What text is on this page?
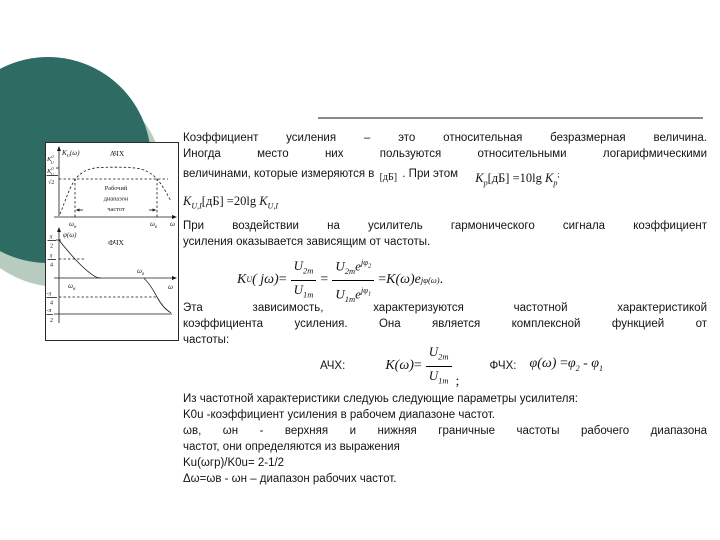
АЧХ
$K_U(\omega)$
$K^0$ U
$K^0$ U
√2
Рабочий
диапазон
частот
$\omega_н$	$\omega_в$ ω
φ(ω)
ФЧХ
π
2
π
4
-π
4
-π
2
$\omega_н$
$\omega_в$
ω
Коэффициент усиления – это относительная безразмерная величина.
Иногда место них пользуются относительными логарифмическими
величинами, которые измеряются в [дБ] . При этом $K_p[дБ] =10\lg$ $K_p^;$
$K_{U,I}[дБ] =20\lg$ $K_{U,I}$
При воздействии на усилитель гармонического сигнала коэффициент
усиления оказывается зависящим от частоты.
K U ( $j\omega) = \frac{U_{2m}}{U_{1m}} = \frac{U_{2m}e^{j\varphi_2}}{U_{1m}e^{j\varphi_1}} = K(\omega)e$ jφ(ω) .
Эта зависимость, характеризуются частотной характеристикой
коэффициента усиления. Она является комплексной функцией от
частоты:
АЧХ:	$K(\omega) = \frac{U_{2m}}{U_{1m}}$ ;
ФЧХ: $\varphi(\omega) =\varphi_2 - \varphi_1$
Из частотной характеристики следуюь следующие параметры усилителя:
K0u -коэффициент усиления в рабочем диапазоне частот.
ωв, ωн - верхняя и нижняя граничные частоты рабочего диапазона
частот, они определяются из выражения
Ku(ωгр)/K0u= 2-1/2
Δω=ωв - ωн – диапазон рабочих частот.
